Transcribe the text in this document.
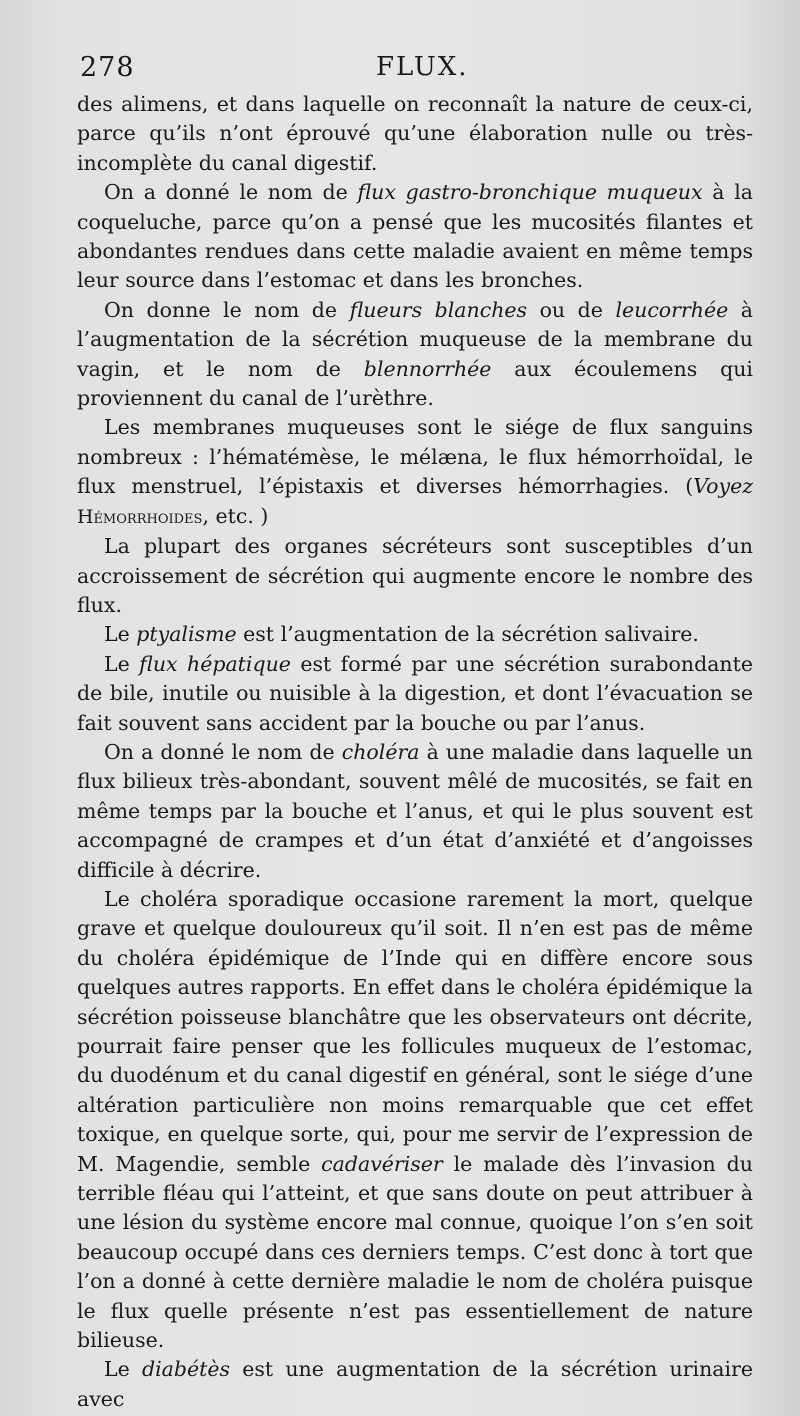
278	FLUX.

des alimens, et dans laquelle on reconnaît la nature de ceux-ci, parce qu’ils n’ont éprouvé qu’une élaboration nulle ou très-incomplète du canal digestif.

On a donné le nom de flux gastro-bronchique muqueux à la coqueluche, parce qu’on a pensé que les mucosités filantes et abondantes rendues dans cette maladie avaient en même temps leur source dans l’estomac et dans les bronches.

On donne le nom de flueurs blanches ou de leucorrhée à l’augmentation de la sécrétion muqueuse de la membrane du vagin, et le nom de blennorrhée aux écoulemens qui proviennent du canal de l’urèthre.

Les membranes muqueuses sont le siége de flux sanguins nombreux : l’hématémèse, le mélæna, le flux hémorrhoïdal, le flux menstruel, l’épistaxis et diverses hémorrhagies. (Voyez Hémorrhoides, etc. )

La plupart des organes sécréteurs sont susceptibles d’un accroissement de sécrétion qui augmente encore le nombre des flux.

Le ptyalisme est l’augmentation de la sécrétion salivaire.

Le flux hépatique est formé par une sécrétion surabondante de bile, inutile ou nuisible à la digestion, et dont l’évacuation se fait souvent sans accident par la bouche ou par l’anus.

On a donné le nom de choléra à une maladie dans laquelle un flux bilieux très-abondant, souvent mêlé de mucosités, se fait en même temps par la bouche et l’anus, et qui le plus souvent est accompagné de crampes et d’un état d’anxiété et d’angoisses difficile à décrire.

Le choléra sporadique occasione rarement la mort, quelque grave et quelque douloureux qu’il soit. Il n’en est pas de même du choléra épidémique de l’Inde qui en diffère encore sous quelques autres rapports. En effet dans le choléra épidémique la sécrétion poisseuse blanchâtre que les observateurs ont décrite, pourrait faire penser que les follicules muqueux de l’estomac, du duodénum et du canal digestif en général, sont le siége d’une altération particulière non moins remarquable que cet effet toxique, en quelque sorte, qui, pour me servir de l’expression de M. Magendie, semble cadavériser le malade dès l’invasion du terrible fléau qui l’atteint, et que sans doute on peut attribuer à une lésion du système encore mal connue, quoique l’on s’en soit beaucoup occupé dans ces derniers temps. C’est donc à tort que l’on a donné à cette dernière maladie le nom de choléra puisque le flux quelle présente n’est pas essentiellement de nature bilieuse.

Le diabétès est une augmentation de la sécrétion urinaire avec
